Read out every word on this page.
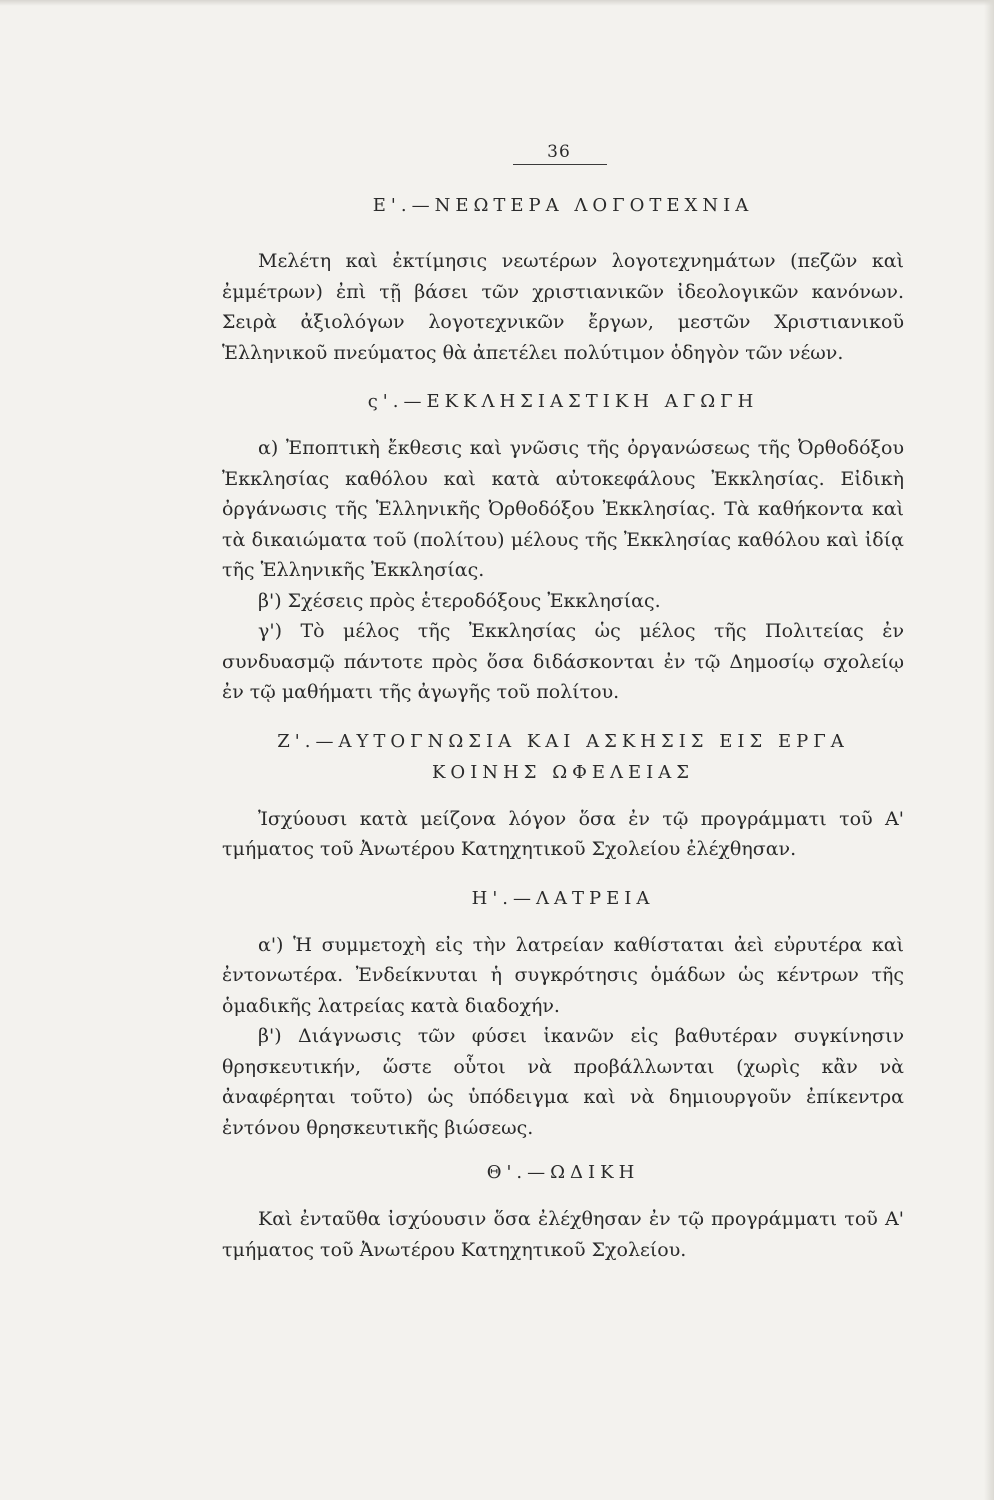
36
Ε'.—ΝΕΩΤΕΡΑ ΛΟΓΟΤΕΧΝΙΑ

Μελέτη καὶ ἐκτίμησις νεωτέρων λογοτεχνημάτων (πεζῶν καὶ ἐμμέτρων) ἐπὶ τῇ βάσει τῶν χριστιανικῶν ἰδεολογικῶν κανόνων. Σειρὰ ἀξιολόγων λογοτεχνικῶν ἔργων, μεστῶν Χριστιανικοῦ Ἑλληνικοῦ πνεύματος θὰ ἀπετέλει πολύτιμον ὁδηγὸν τῶν νέων.

ς'.—ΕΚΚΛΗΣΙΑΣΤΙΚΗ ΑΓΩΓΗ

α) Ἐποπτικὴ ἔκθεσις καὶ γνῶσις τῆς ὀργανώσεως τῆς Ὀρθοδόξου Ἐκκλησίας καθόλου καὶ κατὰ αὐτοκεφάλους Ἐκκλησίας. Εἰδικὴ ὀργάνωσις τῆς Ἑλληνικῆς Ὀρθοδόξου Ἐκκλησίας. Τὰ καθήκοντα καὶ τὰ δικαιώματα τοῦ (πολίτου) μέλους τῆς Ἐκκλησίας καθόλου καὶ ἰδίᾳ τῆς Ἑλληνικῆς Ἐκκλησίας.

β') Σχέσεις πρὸς ἑτεροδόξους Ἐκκλησίας.

γ') Τὸ μέλος τῆς Ἐκκλησίας ὡς μέλος τῆς Πολιτείας ἐν συνδυασμῷ πάντοτε πρὸς ὅσα διδάσκονται ἐν τῷ Δημοσίῳ σχολείῳ ἐν τῷ μαθήματι τῆς ἀγωγῆς τοῦ πολίτου.

Ζ'.—ΑΥΤΟΓΝΩΣΙΑ ΚΑΙ ΑΣΚΗΣΙΣ ΕΙΣ ΕΡΓΑ
ΚΟΙΝΗΣ ΩΦΕΛΕΙΑΣ

Ἰσχύουσι κατὰ μείζονα λόγον ὅσα ἐν τῷ προγράμματι τοῦ Α' τμήματος τοῦ Ἀνωτέρου Κατηχητικοῦ Σχολείου ἐλέχθησαν.

Η'.—ΛΑΤΡΕΙΑ

α') Ἡ συμμετοχὴ εἰς τὴν λατρείαν καθίσταται ἀεὶ εὐρυτέρα καὶ ἐντονωτέρα. Ἐνδείκνυται ἡ συγκρότησις ὁμάδων ὡς κέντρων τῆς ὁμαδικῆς λατρείας κατὰ διαδοχήν.

β') Διάγνωσις τῶν φύσει ἱκανῶν εἰς βαθυτέραν συγκίνησιν θρησκευτικήν, ὥστε οὗτοι νὰ προβάλλωνται (χωρὶς κἂν νὰ ἀναφέρηται τοῦτο) ὡς ὑπόδειγμα καὶ νὰ δημιουργοῦν ἐπίκεντρα ἐντόνου θρησκευτικῆς βιώσεως.

Θ'.—ΩΔΙΚΗ

Καὶ ἐνταῦθα ἰσχύουσιν ὅσα ἐλέχθησαν ἐν τῷ προγράμματι τοῦ Α' τμήματος τοῦ Ἀνωτέρου Κατηχητικοῦ Σχολείου.
